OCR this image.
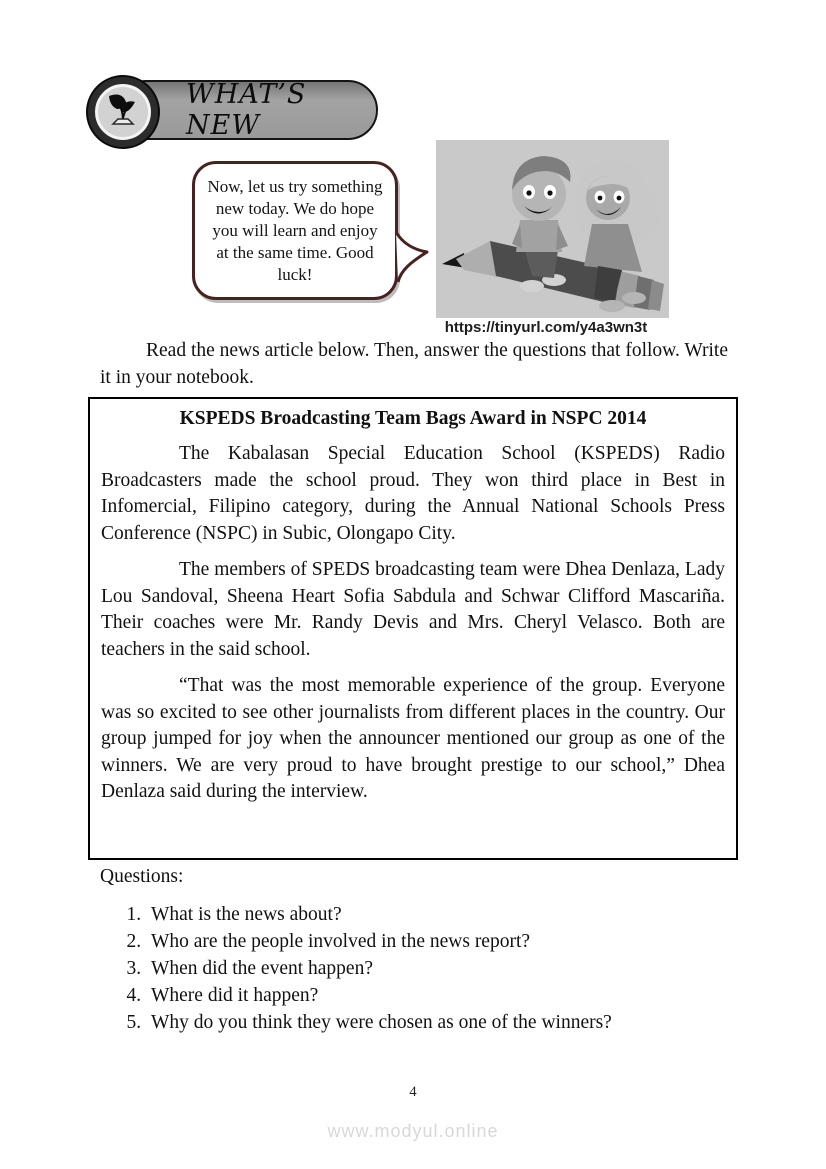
WHAT’S NEW
Now, let us try something new today. We do hope you will learn and enjoy at the same time. Good luck!
https://tinyurl.com/y4a3wn3t

Read the news article below. Then, answer the questions that follow. Write it in your notebook.

KSPEDS Broadcasting Team Bags Award in NSPC 2014

The Kabalasan Special Education School (KSPEDS) Radio Broadcasters made the school proud. They won third place in Best in Infomercial, Filipino category, during the Annual National Schools Press Conference (NSPC) in Subic, Olongapo City.

The members of SPEDS broadcasting team were Dhea Denlaza, Lady Lou Sandoval, Sheena Heart Sofia Sabdula and Schwar Clifford Mascariña. Their coaches were Mr. Randy Devis and Mrs. Cheryl Velasco. Both are teachers in the said school.

“That was the most memorable experience of the group. Everyone was so excited to see other journalists from different places in the country. Our group jumped for joy when the announcer mentioned our group as one of the winners. We are very proud to have brought prestige to our school,” Dhea Denlaza said during the interview.

Questions:
1. What is the news about?
2. Who are the people involved in the news report?
3. When did the event happen?
4. Where did it happen?
5. Why do you think they were chosen as one of the winners?
4
www.modyul.online
